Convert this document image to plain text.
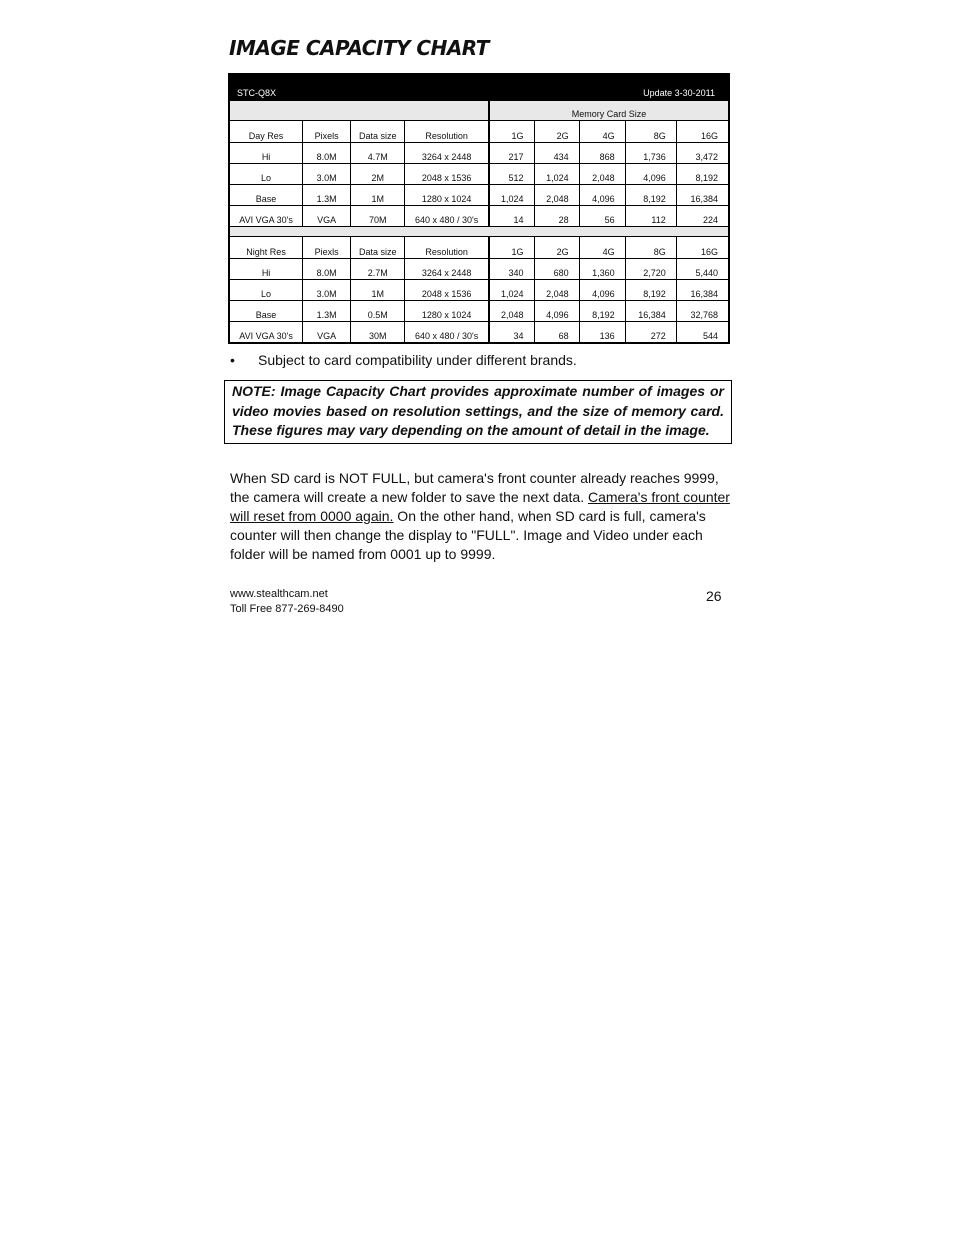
IMAGE CAPACITY CHART
STC-Q8X	Update 3-30-2011
				Memory Card Size				
Day Res	Pixels	Data size	Resolution	1G	2G	4G	8G	16G
Hi	8.0M	4.7M	3264 x 2448	217	434	868	1,736	3,472
Lo	3.0M	2M	2048 x 1536	512	1,024	2,048	4,096	8,192
Base	1.3M	1M	1280 x 1024	1,024	2,048	4,096	8,192	16,384
AVI VGA 30's	VGA	70M	640 x 480 / 30's	14	28	56	112	224

Night Res	Piexls	Data size	Resolution	1G	2G	4G	8G	16G
Hi	8.0M	2.7M	3264 x 2448	340	680	1,360	2,720	5,440
Lo	3.0M	1M	2048 x 1536	1,024	2,048	4,096	8,192	16,384
Base	1.3M	0.5M	1280 x 1024	2,048	4,096	8,192	16,384	32,768
AVI VGA 30's	VGA	30M	640 x 480 / 30's	34	68	136	272	544
• Subject to card compatibility under different brands.
NOTE: Image Capacity Chart provides approximate number of images or video movies based on resolution settings, and the size of memory card. These figures may vary depending on the amount of detail in the image.
When SD card is NOT FULL, but camera's front counter already reaches 9999, the camera will create a new folder to save the next data. Camera's front counter will reset from 0000 again. On the other hand, when SD card is full, camera's counter will then change the display to "FULL". Image and Video under each folder will be named from 0001 up to 9999.
www.stealthcam.net
Toll Free 877-269-8490
26
